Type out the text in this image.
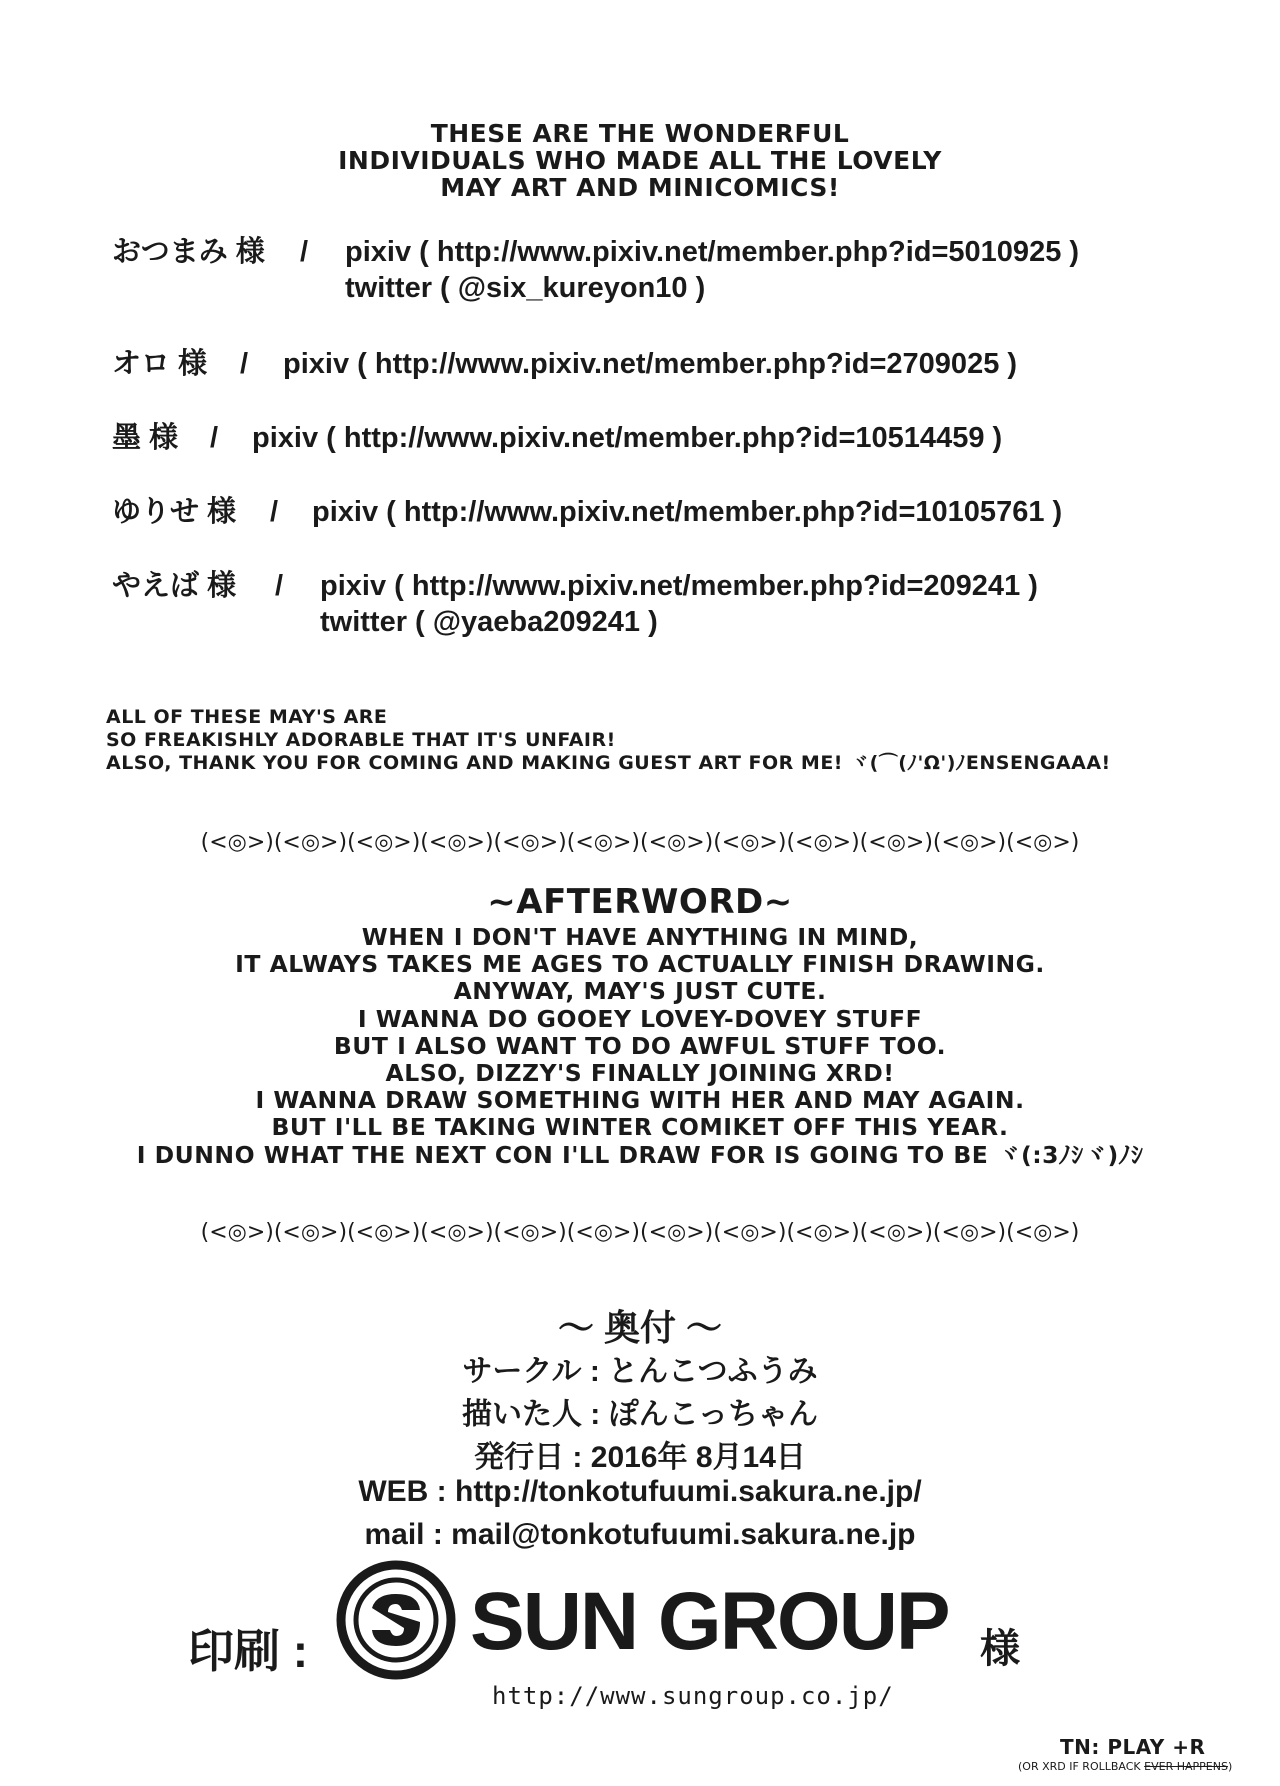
THESE ARE THE WONDERFUL
INDIVIDUALS WHO MADE ALL THE LOVELY
MAY ART AND MINICOMICS!
おつまみ 様 / pixiv ( http://www.pixiv.net/member.php?id=5010925 )
twitter ( @six_kureyon10 )
オロ 様 / pixiv ( http://www.pixiv.net/member.php?id=2709025 )
墨 様 / pixiv ( http://www.pixiv.net/member.php?id=10514459 )
ゆりせ 様 / pixiv ( http://www.pixiv.net/member.php?id=10105761 )
やえば 様 / pixiv ( http://www.pixiv.net/member.php?id=209241 )
twitter ( @yaeba209241 )
ALL OF THESE MAY'S ARE
SO FREAKISHLY ADORABLE THAT IT'S UNFAIR!
ALSO, THANK YOU FOR COMING AND MAKING GUEST ART FOR ME! ヾ(⌒(ﾉ'Ω')ﾉENSENGAAA!
(<◎>)(<◎>)(<◎>)(<◎>)(<◎>)(<◎>)(<◎>)(<◎>)(<◎>)(<◎>)(<◎>)(<◎>)
~AFTERWORD~
WHEN I DON'T HAVE ANYTHING IN MIND,
IT ALWAYS TAKES ME AGES TO ACTUALLY FINISH DRAWING.
ANYWAY, MAY'S JUST CUTE.
I WANNA DO GOOEY LOVEY-DOVEY STUFF
BUT I ALSO WANT TO DO AWFUL STUFF TOO.
ALSO, DIZZY'S FINALLY JOINING XRD!
I WANNA DRAW SOMETHING WITH HER AND MAY AGAIN.
BUT I'LL BE TAKING WINTER COMIKET OFF THIS YEAR.
I DUNNO WHAT THE NEXT CON I'LL DRAW FOR IS GOING TO BE ヾ(:3ﾉｼヾ)ﾉｼ
(<◎>)(<◎>)(<◎>)(<◎>)(<◎>)(<◎>)(<◎>)(<◎>)(<◎>)(<◎>)(<◎>)(<◎>)
〜 奥付 〜
サークル : とんこつふうみ
描いた人 : ぽんこっちゃん
発行日 : 2016年 8月14日
WEB : http://tonkotufuumi.sakura.ne.jp/
mail : mail@tonkotufuumi.sakura.ne.jp
印刷 : SUN GROUP 様
http://www.sungroup.co.jp/
TN: PLAY +R
(OR XRD IF ROLLBACK EVER HAPPENS)
